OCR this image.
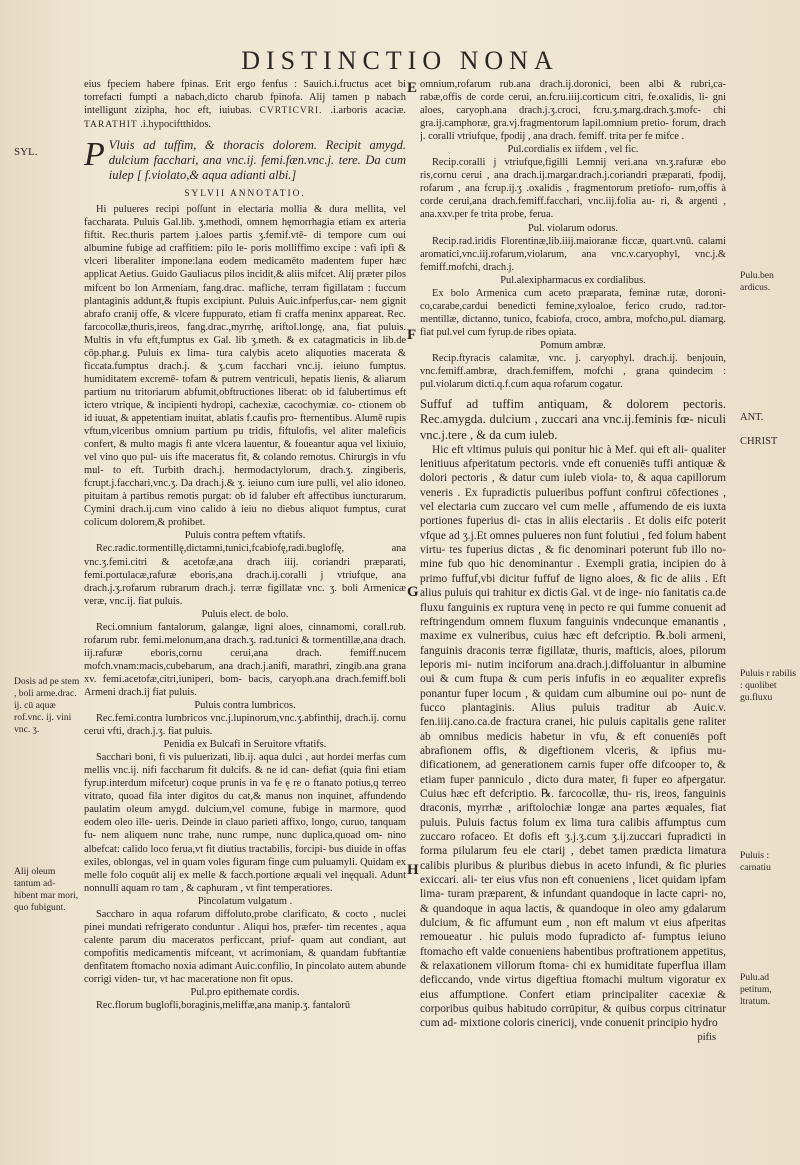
DISTINCTIO NONA
SYL.
Dosis ad pe stem , boli arme.drac. ij. cū aquæ rof.vnc. ij. vini vnc. ʒ.
Alij oleum tantum ad- hibent mar mori, quo fubigunt.
E
F
G
H
Pulu.ben ardicus.
ANT.
CHRIST
Puluis r rabilis : quolibet gu.fluxu
Puluis : carnatiu
Pulu.ad petitum, ltratum.

eius fpeciem habere fpinas. Erit ergo fenfus : Sauich.i.fructus acet bi torrefacti fumpti a nabach,dicto charub fpinofa. Alij tamen p nabach intelligunt zizipha, hoc eft, iuiubas. CVRTICVRI. .i.arboris acaciæ. TARATHIT .i.hypociftthidos.

P Vluis ad tuffim, & thoracis dolorem. Recipit amygd. dulcium facchari, ana vnc.ij. femi.fæn.vnc.j. tere. Da cum iulep [ f.violato,& aqua adianti albi.]

SYLVII ANNOTATIO.

Hi pulueres recipi poſſunt in electaria mollia & dura mellita, vel faccharata. Puluis Gal.lib. ʒ.methodi, omnem hęmorrhagia etiam ex arteria fiftit. Rec.thuris partem j.aloes partis ʒ.femif.vtē- di tempore cum oui albumine fubige ad craffitiem: pilo le- poris molliffimo excipe : vafi ipfi & vlceri liberaliter impone:lana eodem medicamēto madentem fuper hæc applicat Aetius. Guido Gauliacus pilos incidit,& aliis mifcet. Alij præter pilos mifcent bo lon Armeniam, fang.drac. mafliche, terram figillatam : fuccum plantaginis addunt,& ftupis excipiunt. Puluis Auic.infperfus,car- nem gignit abrafo cranij offe, & vlcere fuppurato, etiam fi craffa meninx appareat. Rec. farcocollæ,thuris,ireos, fang.drac.,myrrhę, ariftol.longę, ana, fiat puluis. Multis in vfu eft,fumptus ex Gal. lib ʒ.meth. & ex catagmaticis in lib.de cōp.phar.g. Puluis ex lima- tura calybis aceto aliquoties macerata & ficcata.fumptus drach.j. & ʒ.cum facchari vnc.ij. ieiuno fumptus. humiditatem excremē- tofam & putrem ventriculi, hepatis lienis, & aliarum partium nu tritoriarum abfumit,obftructiones liberat: ob id falubertimus eft ictero vtrique, & incipienti hydropi, cachexiæ, cacochymiæ. co- ctionem ob id iuuat, & appetentiam inuitat, ablatis f.caufis pro- fternentibus. Alumē rupis vftum,vlceribus omnium partium pu tridis, fiftulofis, vel aliter maleficis confert, & multo magis fi ante vlcera lauentur, & foueantur aqua vel lixiuio, vel vino quo pul- uis ifte maceratus fit, & colando remotus. Chirurgis in vfu mul- to eft. Turbith drach.j. hermodactylorum, drach.ʒ. zingiberis, fcrupt.j.facchari,vnc.ʒ. Da drach.j.& ʒ. ieiuno cum iure pulli, vel alio idoneo. pituitam à partibus remotis purgat: ob id faluber eft affectibus iuncturarum. Cymini drach.ij.cum vino calido à ieiu no diebus aliquot fumptus, curat colicum dolorem,& prohibet.

Puluis contra peftem vftatifs.

Rec.radic.tormentillę,dictamni,tunici,fcabiofę,radi.buglofſę, ana vnc.ʒ.femi.citri & acetofæ,ana drach iiij. coriandri præparati, femi.portulacæ,rafuræ eboris,ana drach.ij.coralli j vtriufque, ana drach.j.ʒ.rofarum rubrarum drach.j. terræ figillatæ vnc. ʒ. boli Armenicæ veræ, vnc.ij. fiat puluis.

Puluis elect. de bolo.

Reci.omnium fantalorum, galangæ, ligni aloes, cinnamomi, corall.rub. rofarum rubr. femi.melonum,ana drach.ʒ. rad.tunici & tormentillæ,ana drach. iij.rafuræ eboris,cornu cerui,ana drach. femiff.nucem mofch.vnam:macis,cubebarum, ana drach.j.anifi, marathri, zingib.ana grana xv. femi.acetofæ,citri,iuniperi, bom- bacis, caryoph.ana drach.femiff.boli Armeni drach.ij fiat puluis.

Puluis contra lumbricos.

Rec.femi.contra lumbricos vnc.j.lupinorum,vnc.ʒ.abfinthij, drach.ij. cornu cerui vfti, drach.j.ʒ. fiat puluis.

Penidia ex Bulcafi in Seruitore vftatifs.

Sacchari boni, fi vis puluerizati, lib.ij. aqua dulci , aut hordei merfas cum mellis vnc.ij. nifi faccharum fit dulcifs. & ne id can- defiat (quia fini etiam fyrup.interdum mifcetur) coque prunis in va fe ę re o ftanato potius,q terreo vitrato, quoad fila inter digitos du cat,& manus non inquinet, affundendo paulatim oleum amygd. dulcium,vel comune, fubige in marmore, quod eodem oleo ille- ueris. Deinde in clauo parieti affixo, longo, curuo, tanquam fu- nem aliquem nunc trahe, nunc rumpe, nunc duplica,quoad om- nino albefcat: calido loco ferua,vt fit diutius tractabilis, forcipi- bus diuide in offas exiles, oblongas, vel in quam voles figuram finge cum puluamyli. Quidam ex melle folo coquūt alij ex melle & facch.portione æquali vel inęquali. Adunt nonnulli aquam ro tam , & caphuram , vt fint temperatiores.

Pincolatum vulgatum .

Saccharo in aqua rofarum diffoluto,probe clarificato, & cocto , nuclei pinei mundati refrigerato conduntur . Aliqui hos, præfer- tim recentes , aqua calente parum diu maceratos perficcant, priuf- quam aut condiant, aut compofitis medicamentis mifceant, vt acrimoniam, & quandam fubftantiæ denfitatem ftomacho noxia adimant Auic.confilio, In pincolato autem abunde corrigi viden- tur, vt hac maceratione non fit opus.

Pul.pro epithemate cordis.

Rec.florum buglofli,boraginis,meliffæ,ana manip.ʒ. fantalorū

omnium,rofarum rub.ana drach.ij.doronici, been albi & rubri,ca- rabæ,offis de corde cerui, an.fcru.iiij.corticum citri, fe.oxalidis, li- gni aloes, caryoph.ana drach.j.ʒ.croci, fcru.ʒ.marg.drach.ʒ.mofc- chi gra.ij.camphoræ, gra.vj.fragmentorum lapil.omnium pretio- forum, drach j. coralli vtriufque, fpodij , ana drach. femiff. trita per fe mifce .

Pul.cordialis ex iifdem , vel fic.

Recip.coralli j vtriufque,figilli Lemnij veri.ana vn.ʒ.rafuræ ebo ris,cornu cerui , ana drach.ij.margar.drach.j.coriandri præparati, fpodij, rofarum , ana fcrup.ij.ʒ .oxalidis , fragmentorum pretiofo- rum,offis à corde cerui,ana drach.femiff.facchari, vnc.iij.folia au- ri, & argenti , ana.xxv.per fe trita probe, ferua.

Pul. violarum odorus.

Recip.rad.iridis Florentinæ,lib.iiij.maioranæ ficcæ, quart.vnū. calami aromatici,vnc.iij.rofarum,violarum, ana vnc.v.caryophyl, vnc.j.& femiff.mofchi, drach.j.

Pul.alexipharmacus ex cordialibus.

Ex bolo Armenica cum aceto præparata, feminæ rutæ, doroni- co,carabe,cardui benedicti femine,xyloaloe, ferico crudo, rad.tor- mentillæ, dictanno, tunico, fcabiofa, croco, ambra, mofcho,pul. diamarg. fiat pul.vel cum fyrup.de ribes opiata.

Pomum ambræ.

Recip.ftyracis calamitæ, vnc. j. caryophyl. drach.ij. benjouin, vnc.femiff.ambræ, drach.femiffem, mofchi , grana quindecim : pul.violarum dicti.q.f.cum aqua rofarum cogatur.

Suffuf ad tuffim antiquam, & dolorem pectoris. Rec.amygda. dulcium , zuccari ana vnc.ij.feminis fœ- niculi vnc.j.tere , & da cum iuleb.

Hic eft vltimus puluis qui ponitur hic à Mef. qui eft ali- qualiter lenitiuus afperitatum pectoris. vnde eft conueniēs tuffi antiquæ & dolori pectoris , & datur cum iuleb viola- to, & aqua capillorum veneris . Ex fupradictis pulueribus poffunt conftrui cōfectiones , vel electaria cum zuccaro vel cum melle , affumendo de eis iuxta portiones fuperius di- ctas in aliis electariis . Et dolis eifc poterit vfque ad ʒ.j.Et omnes pulueres non funt folutiui , fed folum habent virtu- tes fuperius dictas , & fic denominari poterunt fub illo no- mine fub quo hic denominantur . Exempli gratia, incipien do à primo fuffuf,vbi dicitur fuffuf de ligno aloes, & fic de aliis . Eft alius puluis qui trahitur ex dictis Gal. vt de inge- nio fanitatis ca.de fluxu fanguinis ex ruptura venę in pecto re qui fumme conuenit ad reftringendum omnem fluxum fanguinis vndecunque emanantis , maxime ex vulneribus, cuius hæc eft defcriptio. ℞.boli armeni, fanguinis draconis terræ figillatæ, thuris, mafticis, aloes, pilorum leporis mi- nutim inciforum ana.drach.j.diffoluantur in albumine oui & cum ftupa & cum peris infufis in eo æqualiter exprefis ponantur fuper locum , & quidam cum albumine oui po- nunt de fucco plantaginis. Alius puluis traditur ab Auic.v. fen.iiij.cano.ca.de fractura cranei, hic puluis capitalis gene raliter ab omnibus medicis habetur in vfu, & eft conueniēs poft abrafionem offis, & digeftionem vlceris, & ipfius mu- dificationem, ad generationem carnis fuper offe difcooper to, & etiam fuper panniculo , dicto dura mater, fi fuper eo afpergatur. Cuius hæc eft defcriptio. ℞. farcocollæ, thu- ris, ireos, fanguinis draconis, myrrhæ , ariftolochiæ longæ ana partes æquales, fiat puluis. Puluis factus folum ex lima tura calibis affumptus cum zuccaro rofaceo. Et dofis eft ʒ.j.ʒ.cum ʒ.ij.zuccari fupradicti in forma pilularum feu ele ctarij , debet tamen prædicta limatura calibis pluribus & pluribus diebus in aceto infundi, & fic pluries exiccari. ali- ter eius vfus non eft conueniens , licet quidam ipfam lima- turam præparent, & infundant quandoque in lacte capri- no, & quandoque in aqua lactis, & quandoque in oleo amy gdalarum dulcium, & fic affumunt eum , non eft malum vt eius afperitas remoueatur . hic puluis modo fupradicto af- fumptus ieiuno ftomacho eft valde conueniens habentibus proftrationem appetitus, & relaxationem villorum ftoma- chi ex humiditate fuperflua illam deficcando, vnde virtus digeftiua ftomachi multum vigoratur ex eius affumptione. Confert etiam principaliter cacexiæ & corporibus quibus habitudo corrūpitur, & quibus corpus citrinatur cum ad- mixtione coloris cinericij, vnde conuenit principio hydro

pifis
